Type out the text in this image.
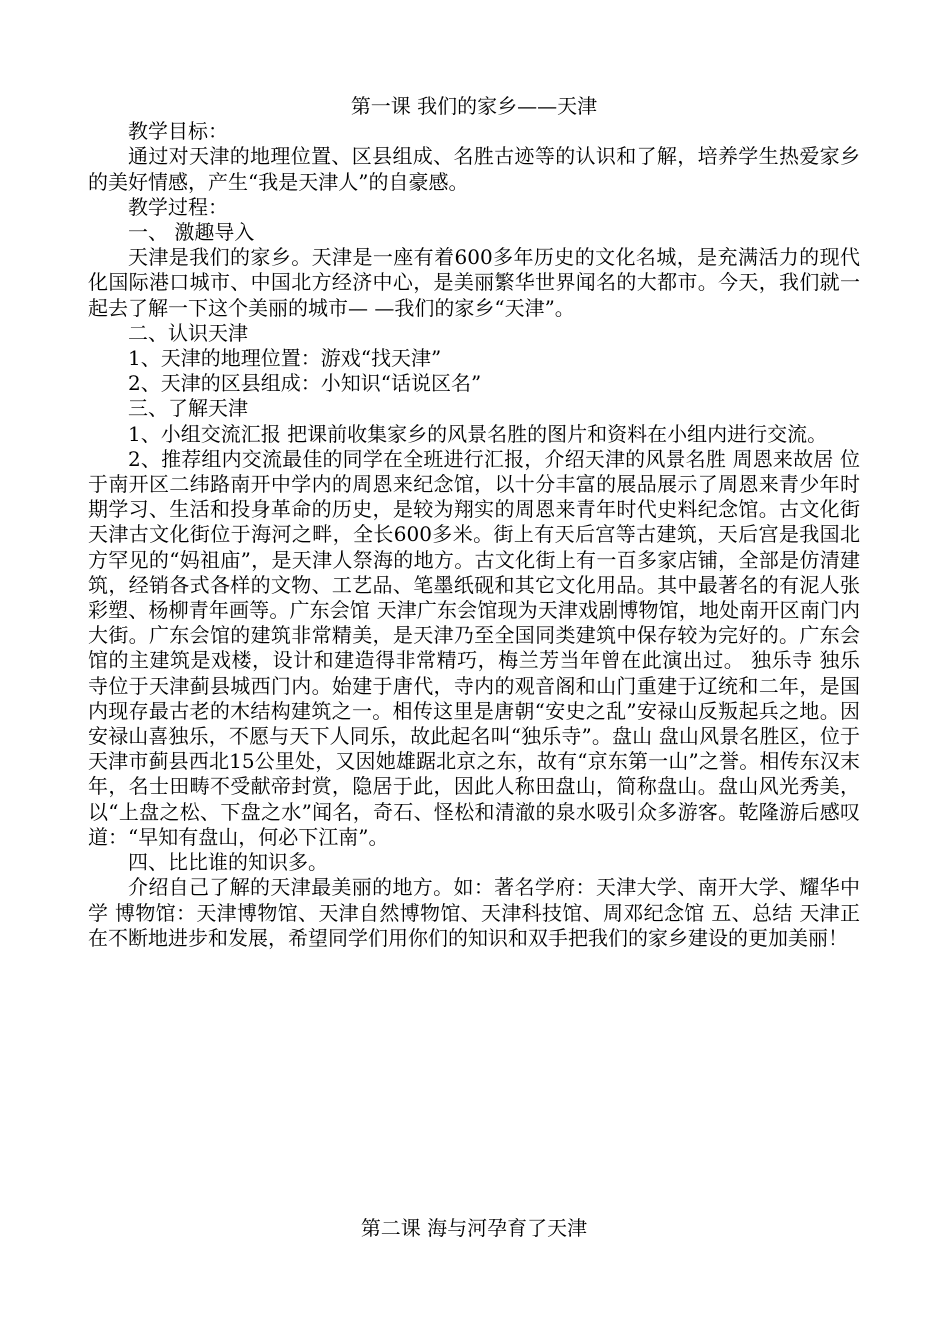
第一课 我们的家乡——天津

教学目标：

通过对天津的地理位置、区县组成、名胜古迹等的认识和了解，培养学生热爱家乡的美好情感，产生“我是天津人”的自豪感。

教学过程：

一、 激趣导入

天津是我们的家乡。天津是一座有着600多年历史的文化名城，是充满活力的现代化国际港口城市、中国北方经济中心，是美丽繁华世界闻名的大都市。今天，我们就一起去了解一下这个美丽的城市— —我们的家乡“天津”。

二、认识天津

1、天津的地理位置：游戏“找天津”

2、天津的区县组成：小知识“话说区名”

三、了解天津

1、小组交流汇报 把课前收集家乡的风景名胜的图片和资料在小组内进行交流。

2、推荐组内交流最佳的同学在全班进行汇报，介绍天津的风景名胜 周恩来故居 位于南开区二纬路南开中学内的周恩来纪念馆，以十分丰富的展品展示了周恩来青少年时期学习、生活和投身革命的历史，是较为翔实的周恩来青年时代史料纪念馆。古文化街 天津古文化街位于海河之畔，全长600多米。街上有天后宫等古建筑，天后宫是我国北方罕见的“妈祖庙”，是天津人祭海的地方。古文化街上有一百多家店铺，全部是仿清建筑，经销各式各样的文物、工艺品、笔墨纸砚和其它文化用品。其中最著名的有泥人张彩塑、杨柳青年画等。广东会馆 天津广东会馆现为天津戏剧博物馆，地处南开区南门内大街。广东会馆的建筑非常精美，是天津乃至全国同类建筑中保存较为完好的。广东会馆的主建筑是戏楼，设计和建造得非常精巧，梅兰芳当年曾在此演出过。 独乐寺 独乐寺位于天津蓟县城西门内。始建于唐代，寺内的观音阁和山门重建于辽统和二年，是国内现存最古老的木结构建筑之一。相传这里是唐朝“安史之乱”安禄山反叛起兵之地。因安禄山喜独乐，不愿与天下人同乐，故此起名叫“独乐寺”。盘山 盘山风景名胜区，位于天津市蓟县西北15公里处，又因她雄踞北京之东，故有“京东第一山”之誉。相传东汉末年，名士田畴不受献帝封赏，隐居于此，因此人称田盘山，简称盘山。盘山风光秀美，以“上盘之松、下盘之水”闻名，奇石、怪松和清澈的泉水吸引众多游客。乾隆游后感叹道：“早知有盘山，何必下江南”。

四、比比谁的知识多。

介绍自己了解的天津最美丽的地方。如：著名学府：天津大学、南开大学、耀华中学 博物馆：天津博物馆、天津自然博物馆、天津科技馆、周邓纪念馆 五、总结 天津正在不断地进步和发展，希望同学们用你们的知识和双手把我们的家乡建设的更加美丽！

第二课 海与河孕育了天津
